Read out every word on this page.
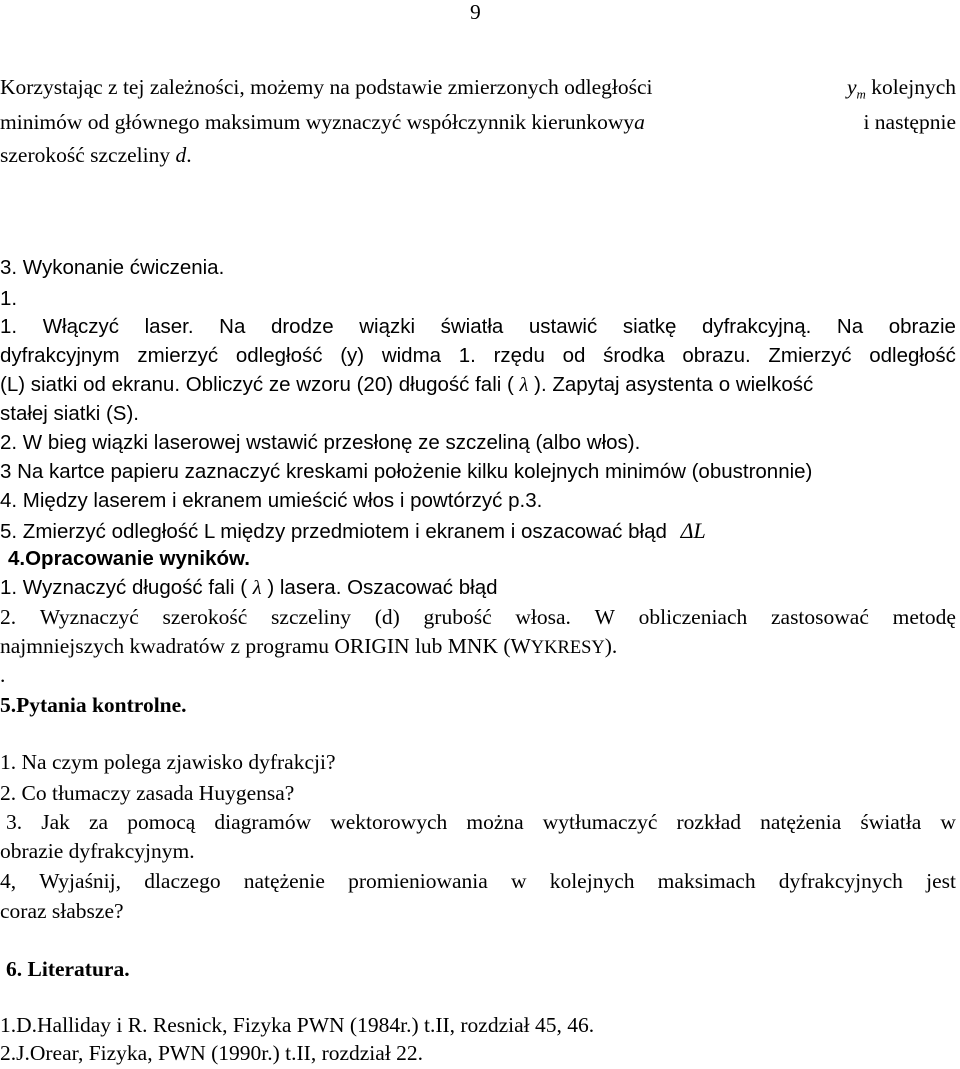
9
Korzystając z tej zależności, możemy na podstawie zmierzonych odległości	$y_m$ kolejnych
minimów od głównego maksimum wyznaczyć współczynnik kierunkowya	i następnie
szerokość szczeliny d.
3. Wykonanie ćwiczenia.
1.
1. Włączyć laser. Na drodze wiązki światła ustawić siatkę dyfrakcyjną. Na obrazie
dyfrakcyjnym zmierzyć odległość (y) widma 1. rzędu od środka obrazu. Zmierzyć odległość
(L) siatki od ekranu. Obliczyć ze wzoru (20) długość fali ( λ ). Zapytaj asystenta o wielkość
stałej siatki (S).
2. W bieg wiązki laserowej wstawić przesłonę ze szczeliną (albo włos).
3 Na kartce papieru zaznaczyć kreskami położenie kilku kolejnych minimów (obustronnie)
4. Między laserem i ekranem umieścić włos i powtórzyć p.3.
5. Zmierzyć odległość L między przedmiotem i ekranem i oszacować błąd ΔL
4.Opracowanie wyników.
1. Wyznaczyć długość fali ( λ ) lasera. Oszacować błąd
2. Wyznaczyć szerokość szczeliny (d) grubość włosa. W obliczeniach zastosować metodę
najmniejszych kwadratów z programu ORIGIN lub MNK (WYKRESY).
.
5.Pytania kontrolne.
1. Na czym polega zjawisko dyfrakcji?
2. Co tłumaczy zasada Huygensa?
3. Jak za pomocą diagramów wektorowych można wytłumaczyć rozkład natężenia światła w
obrazie dyfrakcyjnym.
4, Wyjaśnij, dlaczego natężenie promieniowania w kolejnych maksimach dyfrakcyjnych jest
coraz słabsze?
6. Literatura.
1.D.Halliday i R. Resnick, Fizyka PWN (1984r.) t.II, rozdział 45, 46.
2.J.Orear, Fizyka, PWN (1990r.) t.II, rozdział 22.
